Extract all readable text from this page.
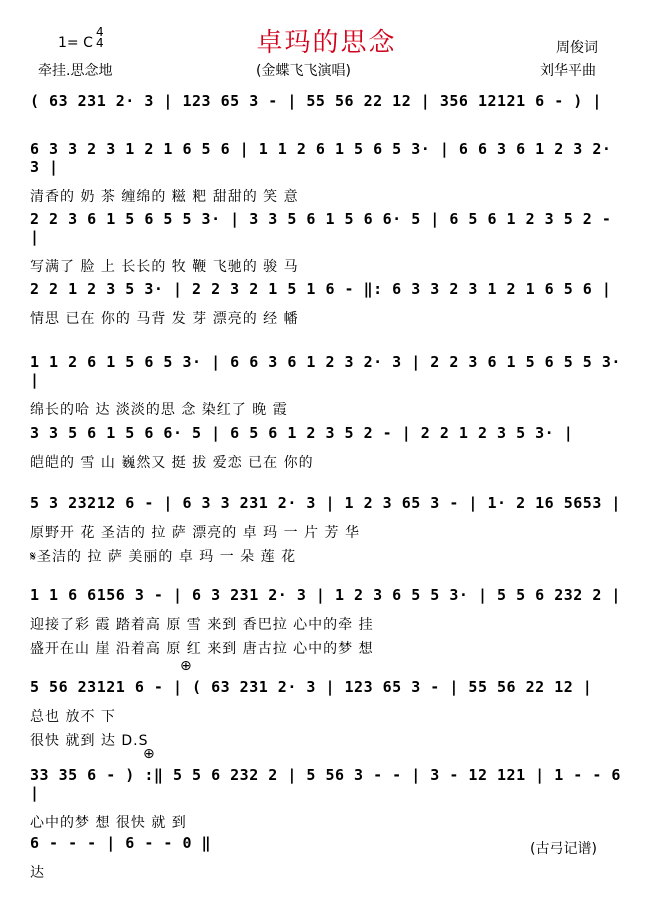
1= C
4
4	卓玛的思念	周俊词
牵挂.思念地	(金蝶飞飞演唱)	刘华平曲
( 63 231 2· 3 | 123 65 3 - | 55 56 22 12 | 356 12121 6 - ) |
6 3 3 2 3 1 2 1 6 5 6 | 1 1 2 6 1 5 6 5 3· | 6 6 3 6 1 2 3 2· 3 |
清香的 奶 茶 缠绵的 糍 粑 甜甜的 笑 意
2 2 3 6 1 5 6 5 5 3· | 3 3 5 6 1 5 6 6· 5 | 6 5 6 1 2 3 5 2 - |
写满了 脸 上 长长的 牧 鞭 飞驰的 骏 马
2 2 1 2 3 5 3· | 2 2 3 2 1 5 1 6 - ‖: 6 3 3 2 3 1 2 1 6 5 6 |
情思 已在 你的 马背 发 芽 漂亮的 经 幡
1 1 2 6 1 5 6 5 3· | 6 6 3 6 1 2 3 2· 3 | 2 2 3 6 1 5 6 5 5 3· |
绵长的哈 达 淡淡的思 念 染红了 晚 霞
3 3 5 6 1 5 6 6· 5 | 6 5 6 1 2 3 5 2 - | 2 2 1 2 3 5 3· |
皑皑的 雪 山 巍然又 挺 拔 爱恋 已在 你的
5 3 23212 6 - | 6 3 3 231 2· 3 | 1 2 3 65 3 - | 1· 2 16 5653 |
原野开 花 圣洁的 拉 萨 漂亮的 卓 玛 一 片 芳 华
𝄋圣洁的 拉 萨 美丽的 卓 玛 一 朵 莲 花
1 1 6 6156 3 - | 6 3 231 2· 3 | 1 2 3 6 5 5 3· | 5 5 6 232 2 |
迎接了彩 霞 踏着高 原 雪 来到 香巴拉 心中的牵 挂
盛开在山 崖 沿着高 原 红 来到 唐古拉 心中的梦 想
⊕
5 56 23121 6 - | ( 63 231 2· 3 | 123 65 3 - | 55 56 22 12 |
总也 放不 下
很快 就到 达 D.S
⊕
33 35 6 - ) :‖ 5 5 6 232 2 | 5 56 3 - - | 3 - 12 121 | 1 - - 6 |
心中的梦 想 很快 就 到
6 - - - | 6 - - 0 ‖
达
(古弓记谱)
